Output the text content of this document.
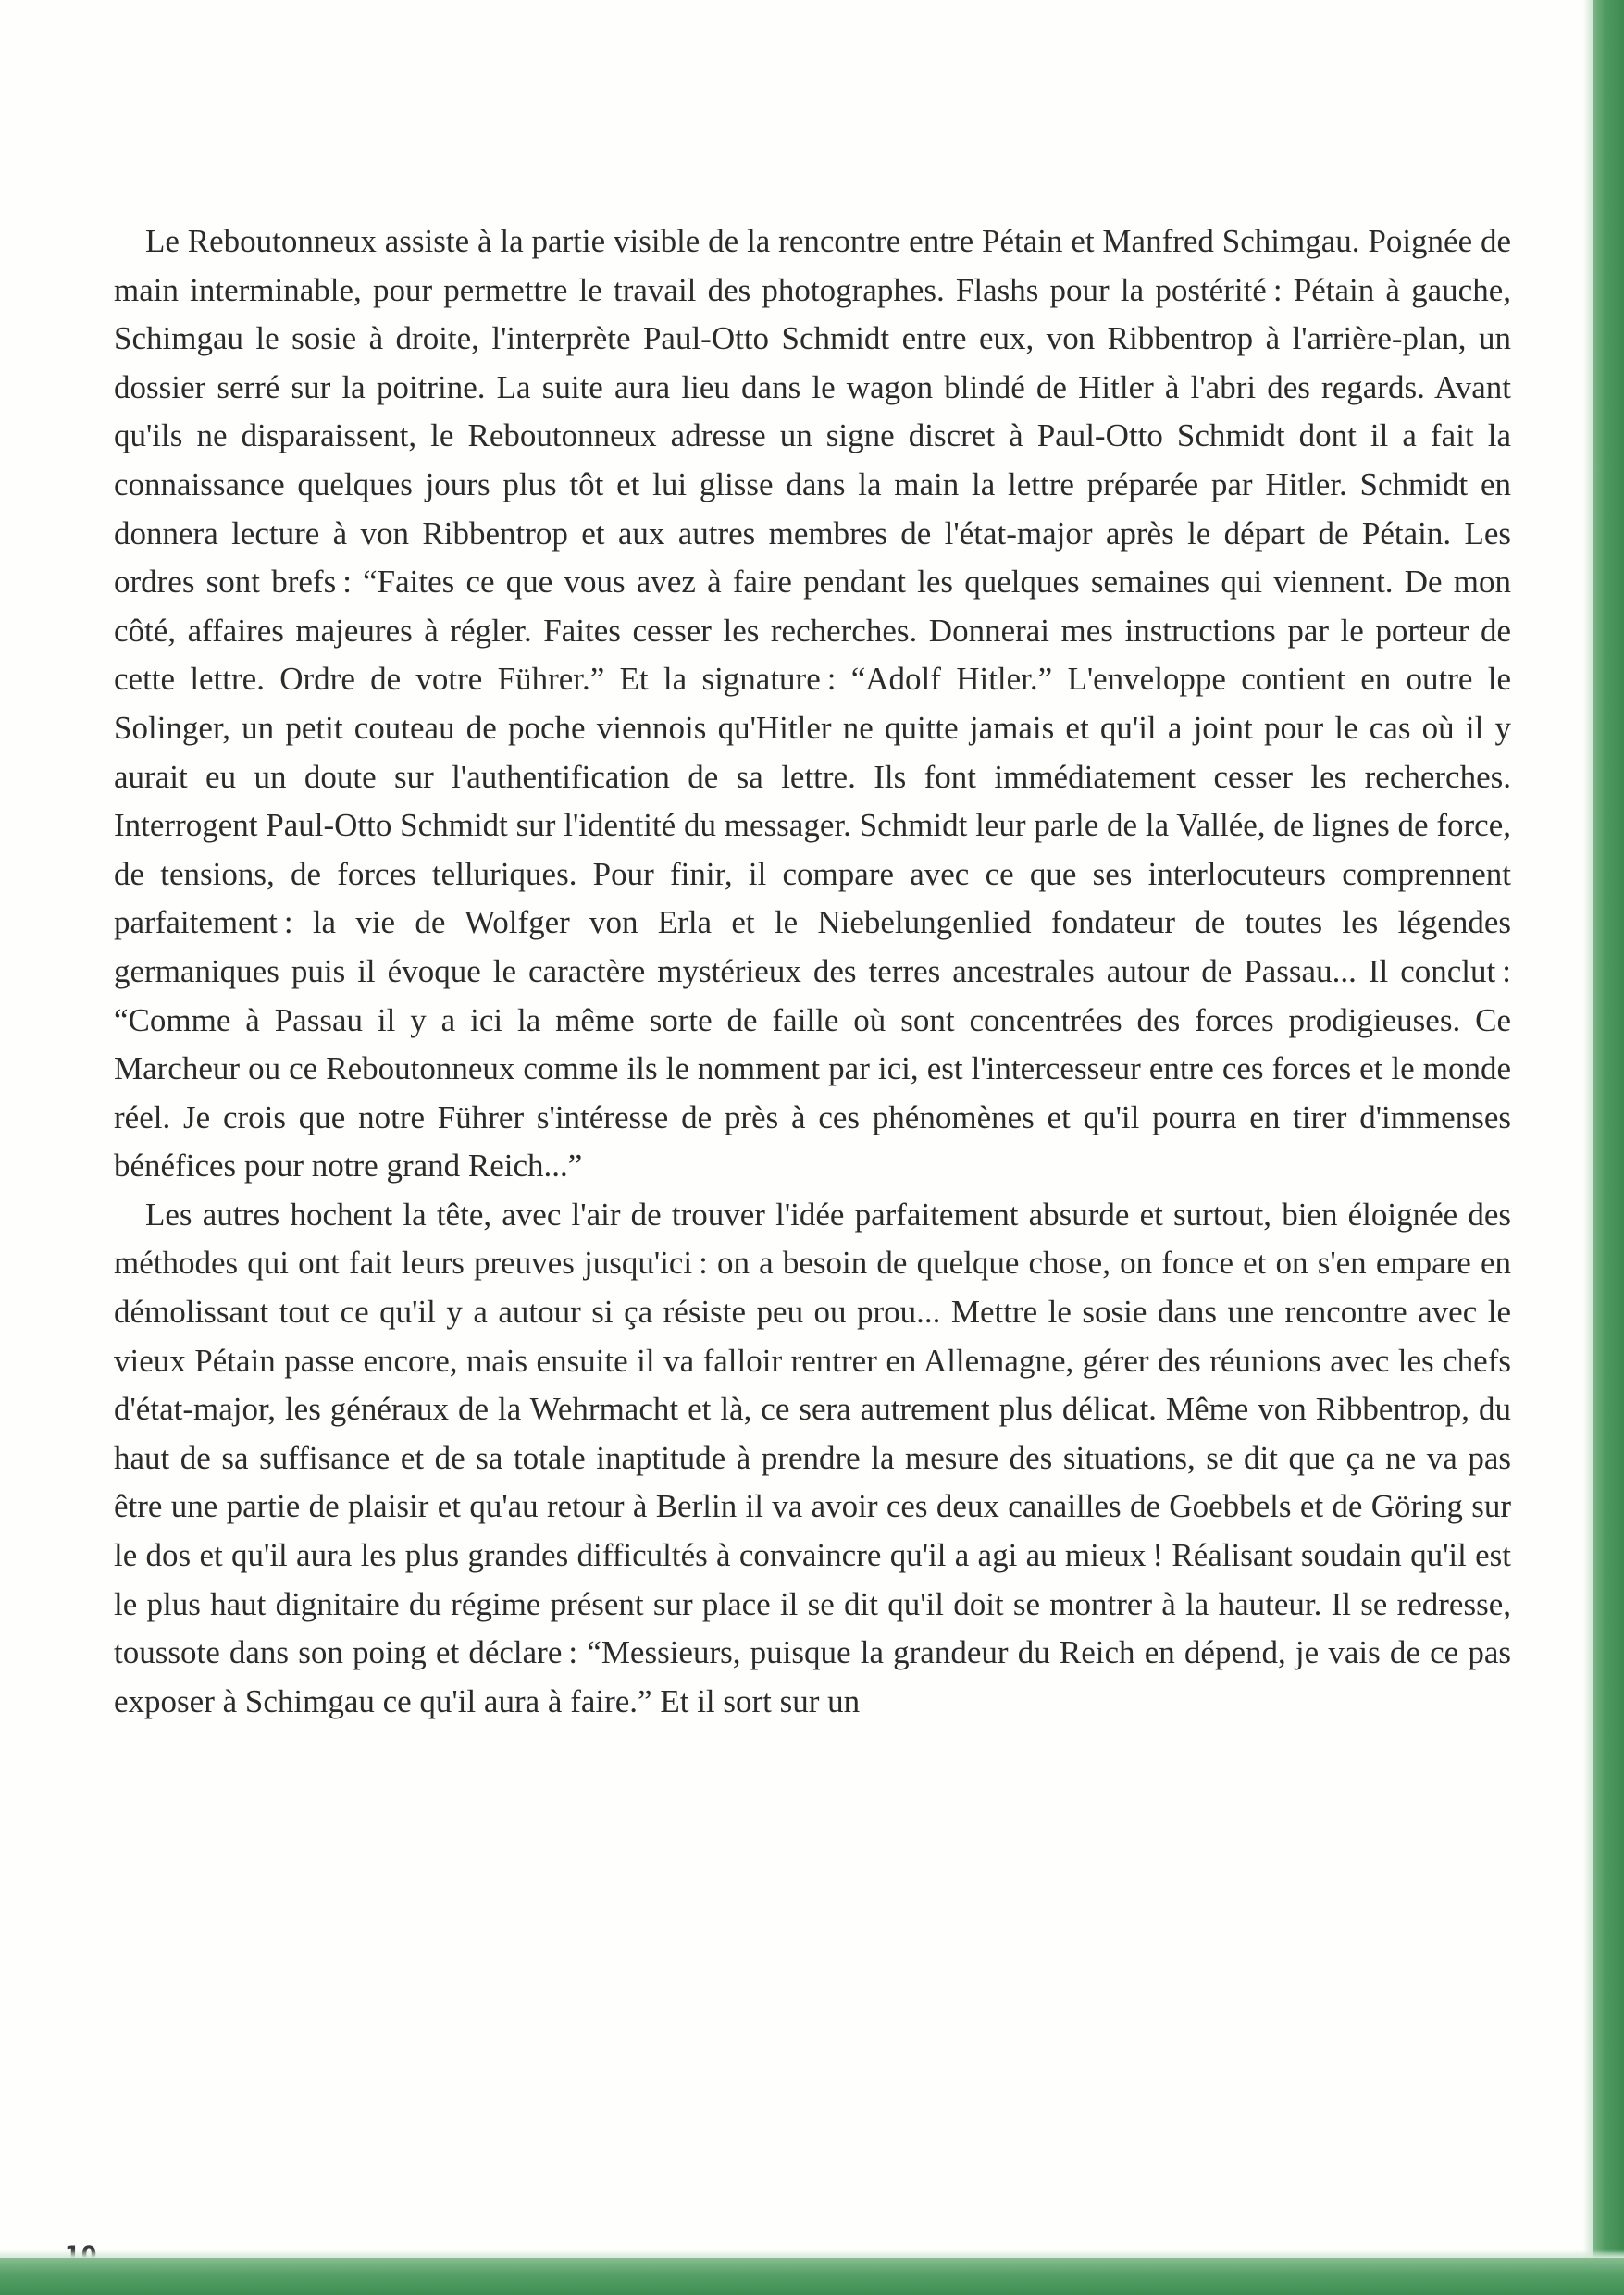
Le Reboutonneux assiste à la partie visible de la rencontre entre Pétain et Manfred Schimgau. Poignée de main interminable, pour permettre le travail des photographes. Flashs pour la postérité : Pétain à gauche, Schimgau le sosie à droite, l'interprète Paul-Otto Schmidt entre eux, von Ribbentrop à l'arrière-plan, un dossier serré sur la poitrine. La suite aura lieu dans le wagon blindé de Hitler à l'abri des regards. Avant qu'ils ne disparaissent, le Reboutonneux adresse un signe discret à Paul-Otto Schmidt dont il a fait la connaissance quelques jours plus tôt et lui glisse dans la main la lettre préparée par Hitler. Schmidt en donnera lecture à von Ribbentrop et aux autres membres de l'état-major après le départ de Pétain. Les ordres sont brefs : “Faites ce que vous avez à faire pendant les quelques semaines qui viennent. De mon côté, affaires majeures à régler. Faites cesser les recherches. Donnerai mes instructions par le porteur de cette lettre. Ordre de votre Führer.” Et la signature : “Adolf Hitler.” L'enveloppe contient en outre le Solinger, un petit couteau de poche viennois qu'Hitler ne quitte jamais et qu'il a joint pour le cas où il y aurait eu un doute sur l'authentification de sa lettre. Ils font immédiatement cesser les recherches. Interrogent Paul-Otto Schmidt sur l'identité du messager. Schmidt leur parle de la Vallée, de lignes de force, de tensions, de forces telluriques. Pour finir, il compare avec ce que ses interlocuteurs comprennent parfaitement : la vie de Wolfger von Erla et le Niebelungenlied fondateur de toutes les légendes germaniques puis il évoque le caractère mystérieux des terres ancestrales autour de Passau... Il conclut : “Comme à Passau il y a ici la même sorte de faille où sont concentrées des forces prodigieuses. Ce Marcheur ou ce Reboutonneux comme ils le nomment par ici, est l'intercesseur entre ces forces et le monde réel. Je crois que notre Führer s'intéresse de près à ces phénomènes et qu'il pourra en tirer d'immenses bénéfices pour notre grand Reich...”

Les autres hochent la tête, avec l'air de trouver l'idée parfaitement absurde et surtout, bien éloignée des méthodes qui ont fait leurs preuves jusqu'ici : on a besoin de quelque chose, on fonce et on s'en empare en démolissant tout ce qu'il y a autour si ça résiste peu ou prou... Mettre le sosie dans une rencontre avec le vieux Pétain passe encore, mais ensuite il va falloir rentrer en Allemagne, gérer des réunions avec les chefs d'état-major, les généraux de la Wehrmacht et là, ce sera autrement plus délicat. Même von Ribbentrop, du haut de sa suffisance et de sa totale inaptitude à prendre la mesure des situations, se dit que ça ne va pas être une partie de plaisir et qu'au retour à Berlin il va avoir ces deux canailles de Goebbels et de Göring sur le dos et qu'il aura les plus grandes difficultés à convaincre qu'il a agi au mieux ! Réalisant soudain qu'il est le plus haut dignitaire du régime présent sur place il se dit qu'il doit se montrer à la hauteur. Il se redresse, toussote dans son poing et déclare : “Messieurs, puisque la grandeur du Reich en dépend, je vais de ce pas exposer à Schimgau ce qu'il aura à faire.” Et il sort sur un
